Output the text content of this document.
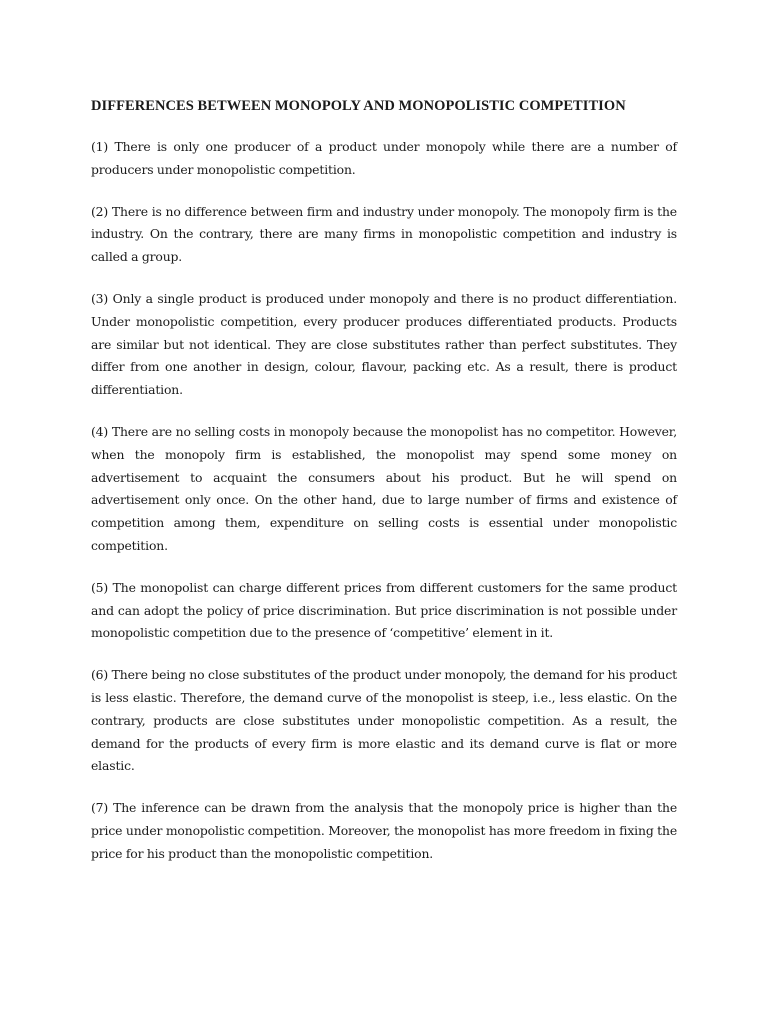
DIFFERENCES BETWEEN MONOPOLY AND MONOPOLISTIC COMPETITION

(1) There is only one producer of a product under monopoly while there are a number of producers under monopolistic competition.

(2) There is no difference between firm and industry under monopoly. The monopoly firm is the industry. On the contrary, there are many firms in monopolistic competition and industry is called a group.

(3) Only a single product is produced under monopoly and there is no product differentiation. Under monopolistic competition, every producer produces differentiated products. Products are similar but not identical. They are close substitutes rather than perfect substitutes. They differ from one another in design, colour, flavour, packing etc. As a result, there is product differentiation.

(4) There are no selling costs in monopoly because the monopolist has no competitor. However, when the monopoly firm is established, the monopolist may spend some money on advertisement to acquaint the consumers about his product. But he will spend on advertisement only once. On the other hand, due to large number of firms and existence of competition among them, expenditure on selling costs is essential under monopolistic competition.

(5) The monopolist can charge different prices from different customers for the same product and can adopt the policy of price discrimination. But price discrimination is not possible under monopolistic competition due to the presence of ‘competitive’ element in it.

(6) There being no close substitutes of the product under monopoly, the demand for his product is less elastic. Therefore, the demand curve of the monopolist is steep, i.e., less elastic. On the contrary, products are close substitutes under monopolistic competition. As a result, the demand for the products of every firm is more elastic and its demand curve is flat or more elastic.

(7) The inference can be drawn from the analysis that the monopoly price is higher than the price under monopolistic competition. Moreover, the monopolist has more freedom in fixing the price for his product than the monopolistic competition.
